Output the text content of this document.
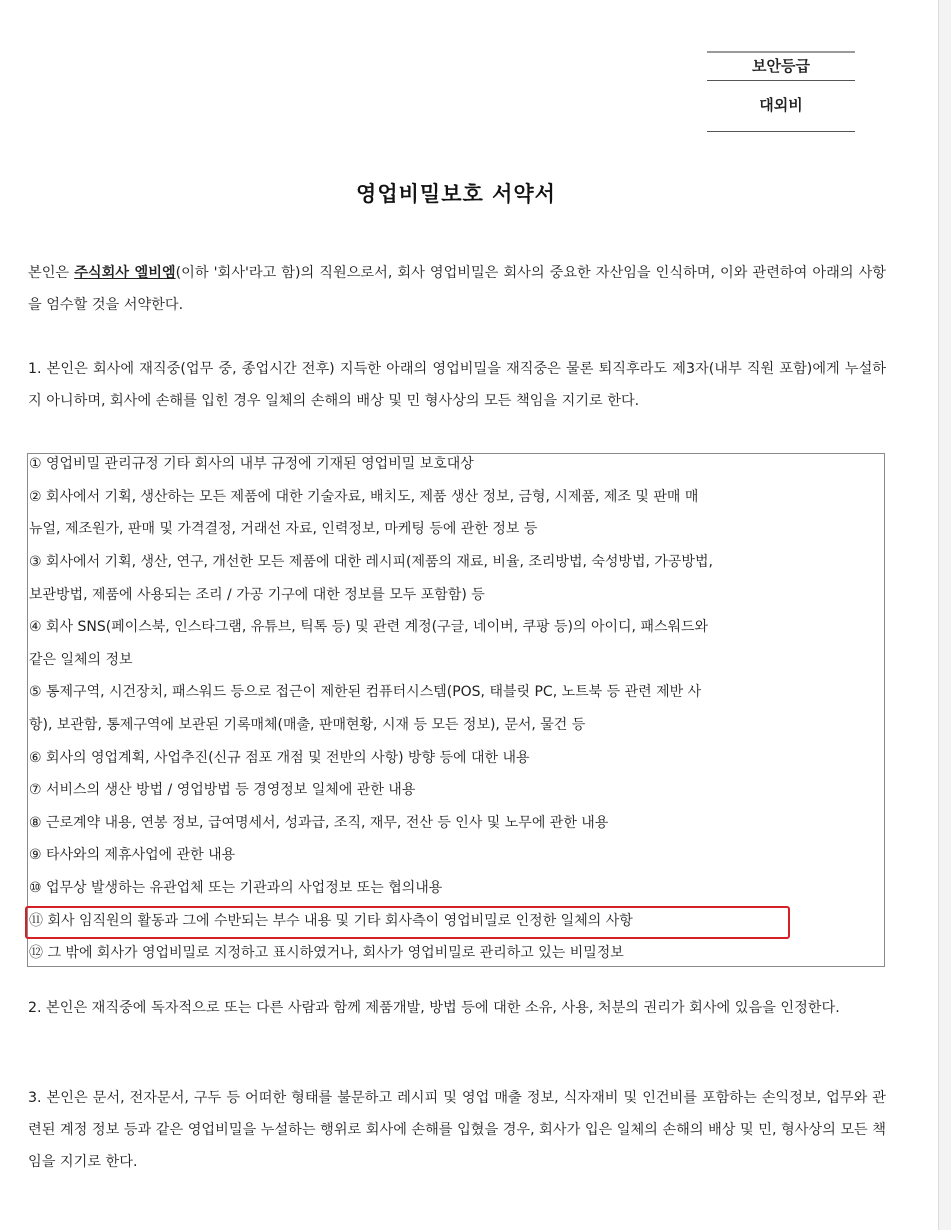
보안등급
대외비
영업비밀보호 서약서
본인은 주식회사 엘비엠(이하 '회사'라고 함)의 직원으로서, 회사 영업비밀은 회사의 중요한 자산임을 인식하며, 이와 관련하여 아래의 사항을 엄수할 것을 서약한다.
1. 본인은 회사에 재직중(업무 중, 종업시간 전후) 지득한 아래의 영업비밀을 재직중은 물론 퇴직후라도 제3자(내부 직원 포함)에게 누설하지 아니하며, 회사에 손해를 입힌 경우 일체의 손해의 배상 및 민 형사상의 모든 책임을 지기로 한다.
① 영업비밀 관리규정 기타 회사의 내부 규정에 기재된 영업비밀 보호대상
② 회사에서 기획, 생산하는 모든 제품에 대한 기술자료, 배치도, 제품 생산 정보, 금형, 시제품, 제조 및 판매 매
뉴얼, 제조원가, 판매 및 가격결정, 거래선 자료, 인력정보, 마케팅 등에 관한 정보 등
③ 회사에서 기획, 생산, 연구, 개선한 모든 제품에 대한 레시피(제품의 재료, 비율, 조리방법, 숙성방법, 가공방법,
보관방법, 제품에 사용되는 조리 / 가공 기구에 대한 정보를 모두 포함함) 등
④ 회사 SNS(페이스북, 인스타그램, 유튜브, 틱톡 등) 및 관련 계정(구글, 네이버, 쿠팡 등)의 아이디, 패스워드와
같은 일체의 정보
⑤ 통제구역, 시건장치, 패스워드 등으로 접근이 제한된 컴퓨터시스템(POS, 태블릿 PC, 노트북 등 관련 제반 사
항), 보관함, 통제구역에 보관된 기록매체(매출, 판매현황, 시재 등 모든 정보), 문서, 물건 등
⑥ 회사의 영업계획, 사업추진(신규 점포 개점 및 전반의 사항) 방향 등에 대한 내용
⑦ 서비스의 생산 방법 / 영업방법 등 경영정보 일체에 관한 내용
⑧ 근로계약 내용, 연봉 정보, 급여명세서, 성과급, 조직, 재무, 전산 등 인사 및 노무에 관한 내용
⑨ 타사와의 제휴사업에 관한 내용
⑩ 업무상 발생하는 유관업체 또는 기관과의 사업정보 또는 협의내용
⑪ 회사 임직원의 활동과 그에 수반되는 부수 내용 및 기타 회사측이 영업비밀로 인정한 일체의 사항
⑫ 그 밖에 회사가 영업비밀로 지정하고 표시하였거나, 회사가 영업비밀로 관리하고 있는 비밀정보
2. 본인은 재직중에 독자적으로 또는 다른 사람과 함께 제품개발, 방법 등에 대한 소유, 사용, 처분의 권리가 회사에 있음을 인정한다.
3. 본인은 문서, 전자문서, 구두 등 어떠한 형태를 불문하고 레시피 및 영업 매출 정보, 식자재비 및 인건비를 포함하는 손익정보, 업무와 관련된 계정 정보 등과 같은 영업비밀을 누설하는 행위로 회사에 손해를 입혔을 경우, 회사가 입은 일체의 손해의 배상 및 민, 형사상의 모든 책임을 지기로 한다.
